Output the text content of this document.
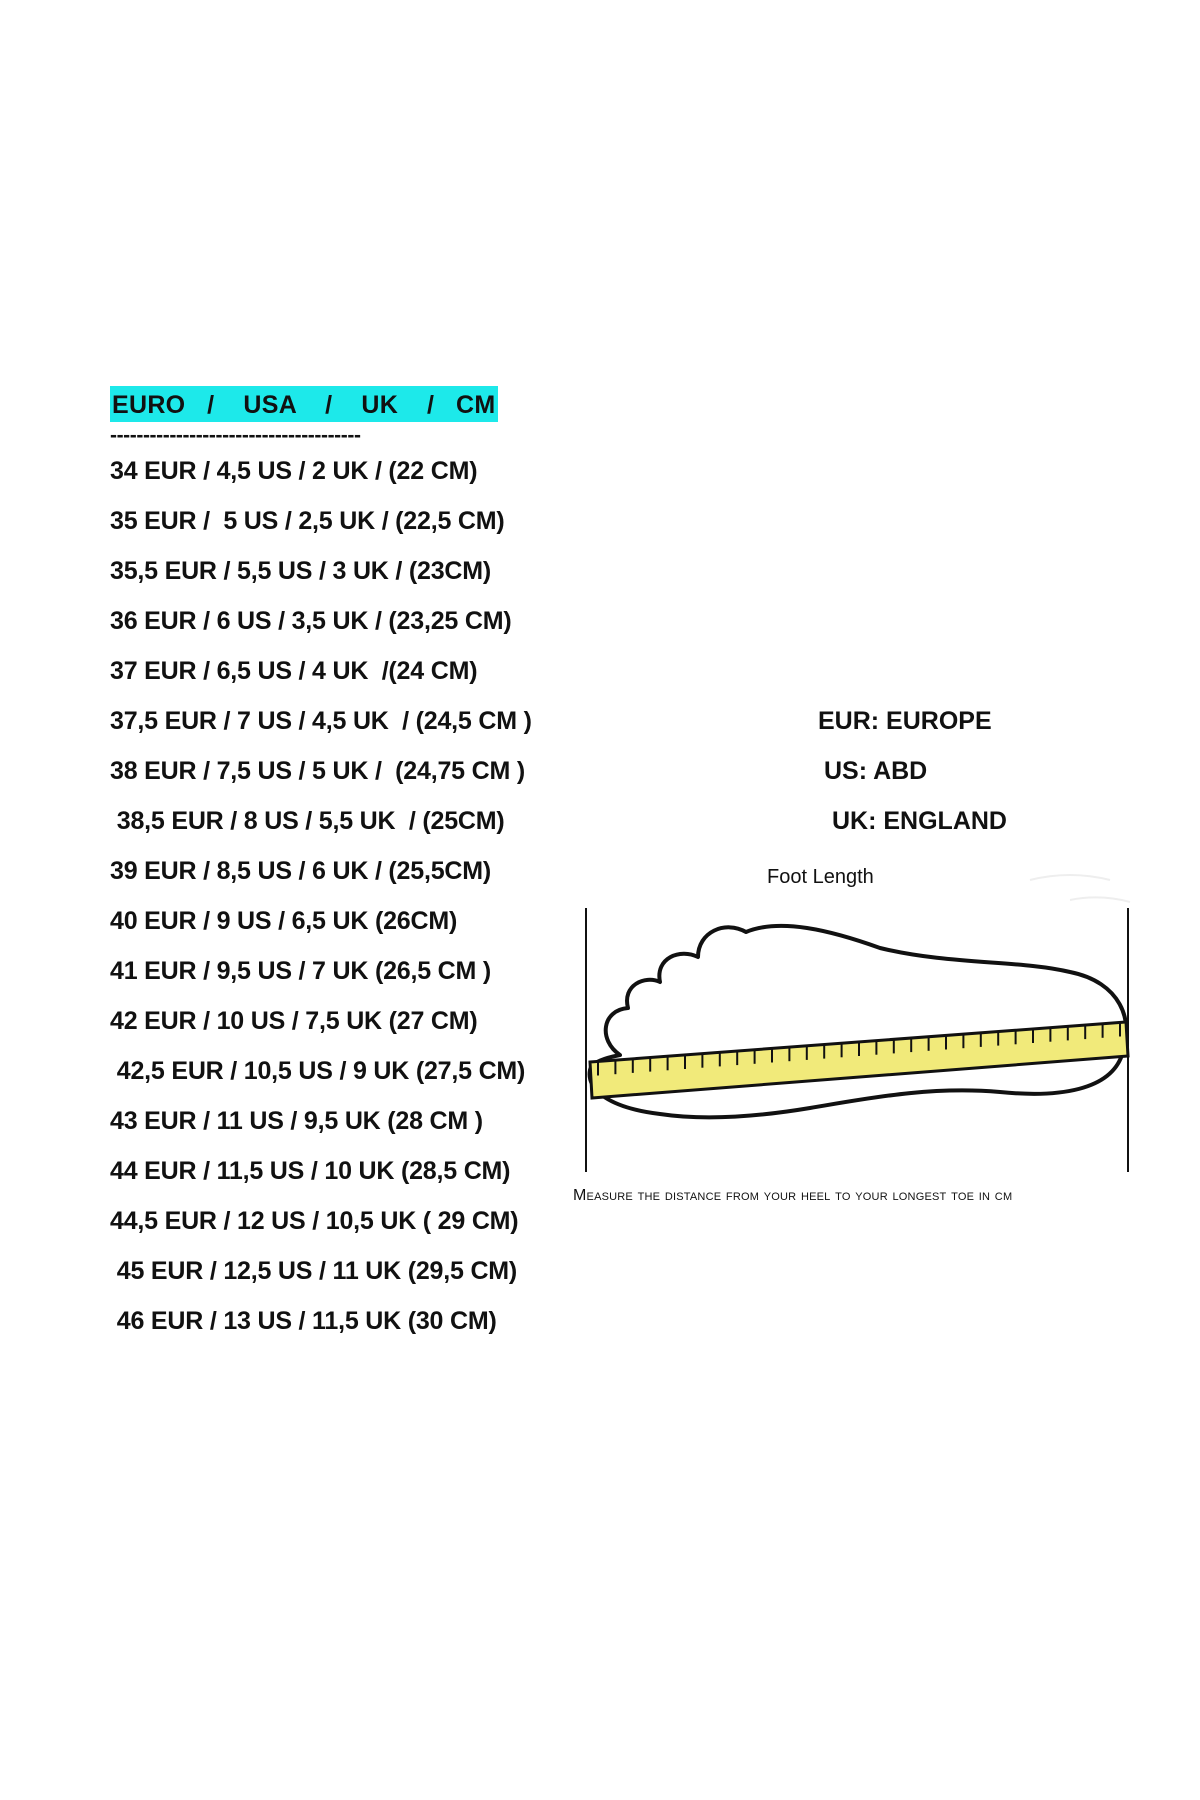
EURO   /    USA    /    UK    /   CM
--------------------------------------
34 EUR / 4,5 US / 2 UK / (22 CM)
35 EUR /  5 US / 2,5 UK / (22,5 CM)
35,5 EUR / 5,5 US / 3 UK / (23CM)
36 EUR / 6 US / 3,5 UK / (23,25 CM)
37 EUR / 6,5 US / 4 UK  /(24 CM)
37,5 EUR / 7 US / 4,5 UK  / (24,5 CM )
38 EUR / 7,5 US / 5 UK /  (24,75 CM )
38,5 EUR / 8 US / 5,5 UK  / (25CM)
39 EUR / 8,5 US / 6 UK / (25,5CM)
40 EUR / 9 US / 6,5 UK (26CM)
41 EUR / 9,5 US / 7 UK (26,5 CM )
42 EUR / 10 US / 7,5 UK (27 CM)
42,5 EUR / 10,5 US / 9 UK (27,5 CM)
43 EUR / 11 US / 9,5 UK (28 CM )
44 EUR / 11,5 US / 10 UK (28,5 CM)
44,5 EUR / 12 US / 10,5 UK ( 29 CM)
45 EUR / 12,5 US / 11 UK (29,5 CM)
46 EUR / 13 US / 11,5 UK (30 CM)
EUR: EUROPE
US: ABD
UK: ENGLAND
Foot Length
Measure the distance from your heel to your longest toe in cm
